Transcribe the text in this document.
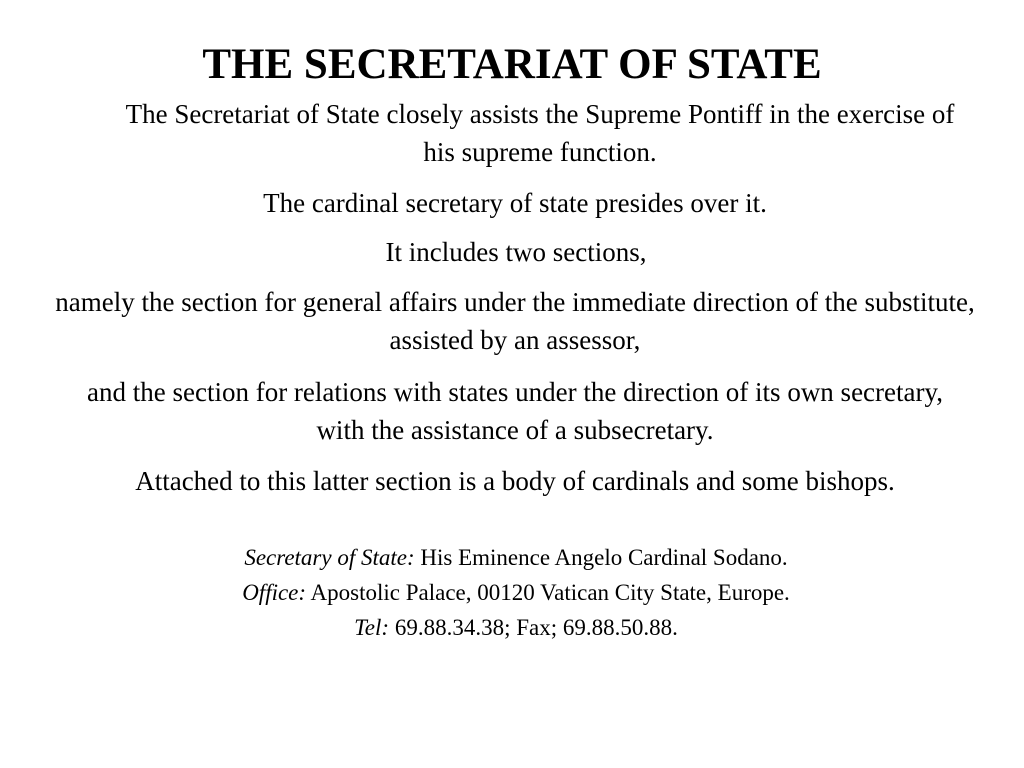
THE SECRETARIAT OF STATE
The Secretariat of State closely assists the Supreme Pontiff in the exercise of his supreme function.
The cardinal secretary of state presides over it.
It includes two sections,
namely the section for general affairs under the immediate direction of the substitute, assisted by an assessor,
and the section for relations with states under the direction of its own secretary, with the assistance of a subsecretary.
Attached to this latter section is a body of cardinals and some bishops.
Secretary of State: His Eminence Angelo Cardinal Sodano.
Office: Apostolic Palace, 00120 Vatican City State, Europe.
Tel: 69.88.34.38; Fax; 69.88.50.88.
